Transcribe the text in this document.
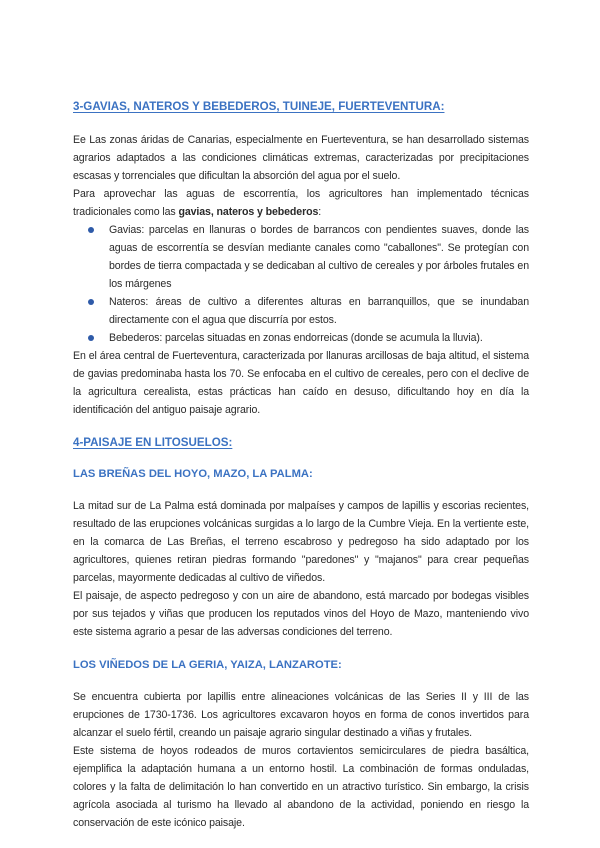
3-GAVIAS, NATEROS Y BEBEDEROS, TUINEJE, FUERTEVENTURA:

Ee Las zonas áridas de Canarias, especialmente en Fuerteventura, se han desarrollado sistemas agrarios adaptados a las condiciones climáticas extremas, caracterizadas por precipitaciones escasas y torrenciales que dificultan la absorción del agua por el suelo.

Para aprovechar las aguas de escorrentía, los agricultores han implementado técnicas tradicionales como las gavias, nateros y bebederos:

Gavias: parcelas en llanuras o bordes de barrancos con pendientes suaves, donde las aguas de escorrentía se desvían mediante canales como "caballones". Se protegían con bordes de tierra compactada y se dedicaban al cultivo de cereales y por árboles frutales en los márgenes
Nateros: áreas de cultivo a diferentes alturas en barranquillos, que se inundaban directamente con el agua que discurría por estos.
Bebederos: parcelas situadas en zonas endorreicas (donde se acumula la lluvia).

En el área central de Fuerteventura, caracterizada por llanuras arcillosas de baja altitud, el sistema de gavias predominaba hasta los 70. Se enfocaba en el cultivo de cereales, pero con el declive de la agricultura cerealista, estas prácticas han caído en desuso, dificultando hoy en día la identificación del antiguo paisaje agrario.

4-PAISAJE EN LITOSUELOS:
LAS BREÑAS DEL HOYO, MAZO, LA PALMA:

La mitad sur de La Palma está dominada por malpaíses y campos de lapillis y escorias recientes, resultado de las erupciones volcánicas surgidas a lo largo de la Cumbre Vieja. En la vertiente este, en la comarca de Las Breñas, el terreno escabroso y pedregoso ha sido adaptado por los agricultores, quienes retiran piedras formando "paredones" y "majanos" para crear pequeñas parcelas, mayormente dedicadas al cultivo de viñedos.

El paisaje, de aspecto pedregoso y con un aire de abandono, está marcado por bodegas visibles por sus tejados y viñas que producen los reputados vinos del Hoyo de Mazo, manteniendo vivo este sistema agrario a pesar de las adversas condiciones del terreno.

LOS VIÑEDOS DE LA GERIA, YAIZA, LANZAROTE:

Se encuentra cubierta por lapillis entre alineaciones volcánicas de las Series II y III de las erupciones de 1730-1736. Los agricultores excavaron hoyos en forma de conos invertidos para alcanzar el suelo fértil, creando un paisaje agrario singular destinado a viñas y frutales.

Este sistema de hoyos rodeados de muros cortavientos semicirculares de piedra basáltica, ejemplifica la adaptación humana a un entorno hostil. La combinación de formas onduladas, colores y la falta de delimitación lo han convertido en un atractivo turístico. Sin embargo, la crisis agrícola asociada al turismo ha llevado al abandono de la actividad, poniendo en riesgo la conservación de este icónico paisaje.
